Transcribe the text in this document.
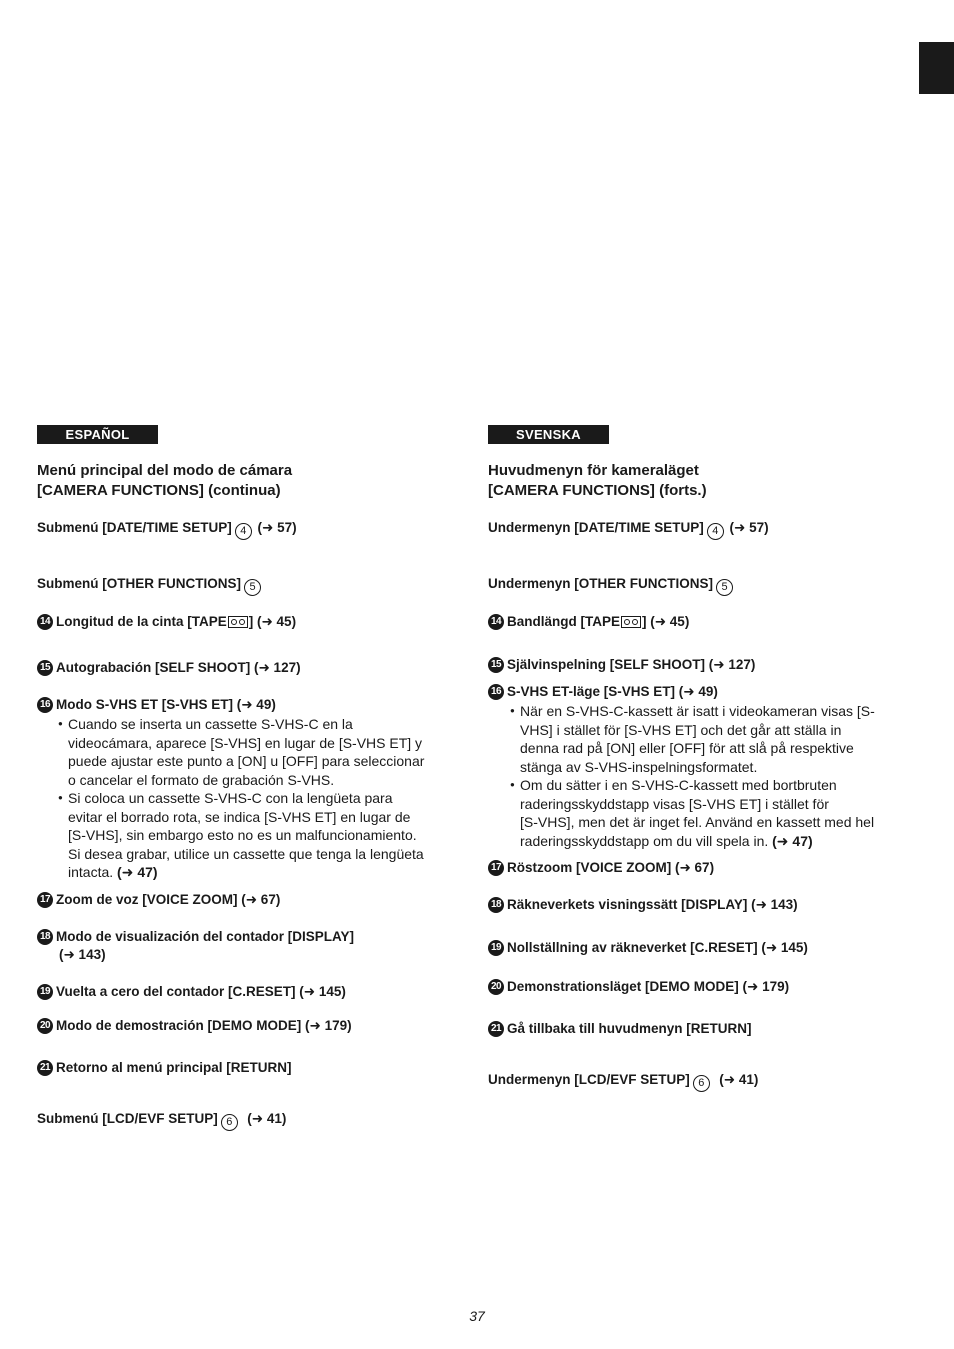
ESPAÑOL
Menú principal del modo de cámara
[CAMERA FUNCTIONS] (continua)
Submenú [DATE/TIME SETUP] 4 (➜ 57)
Submenú [OTHER FUNCTIONS] 5
14 Longitud de la cinta [TAPE ] (➜ 45)
15 Autograbación [SELF SHOOT] (➜ 127)
16 Modo S-VHS ET [S-VHS ET] (➜ 49)
● Cuando se inserta un cassette S-VHS-C en la
videocámara, aparece [S-VHS] en lugar de [S-VHS ET] y
puede ajustar este punto a [ON] u [OFF] para seleccionar
o cancelar el formato de grabación S-VHS.
● Si coloca un cassette S-VHS-C con la lengüeta para
evitar el borrado rota, se indica [S-VHS ET] en lugar de
[S-VHS], sin embargo esto no es un malfuncionamiento.
Si desea grabar, utilice un cassette que tenga la lengüeta
intacta. (➜ 47)
17 Zoom de voz [VOICE ZOOM] (➜ 67)
18 Modo de visualización del contador [DISPLAY]
(➜ 143)
19 Vuelta a cero del contador [C.RESET] (➜ 145)
20 Modo de demostración [DEMO MODE] (➜ 179)
21 Retorno al menú principal [RETURN]
Submenú [LCD/EVF SETUP] 6 (➜ 41)
SVENSKA
Huvudmenyn för kameraläget
[CAMERA FUNCTIONS] (forts.)
Undermenyn [DATE/TIME SETUP] 4 (➜ 57)
Undermenyn [OTHER FUNCTIONS] 5
14 Bandlängd [TAPE ] (➜ 45)
15 Självinspelning [SELF SHOOT] (➜ 127)
16 S-VHS ET-läge [S-VHS ET] (➜ 49)
● När en S-VHS-C-kassett är isatt i videokameran visas [S-
VHS] i stället för [S-VHS ET] och det går att ställa in
denna rad på [ON] eller [OFF] för att slå på respektive
stänga av S-VHS-inspelningsformatet.
● Om du sätter i en S-VHS-C-kassett med bortbruten
raderingsskyddstapp visas [S-VHS ET] i stället för
[S-VHS], men det är inget fel. Använd en kassett med hel
raderingsskyddstapp om du vill spela in. (➜ 47)
17 Röstzoom [VOICE ZOOM] (➜ 67)
18 Räkneverkets visningssätt [DISPLAY] (➜ 143)
19 Nollställning av räkneverket [C.RESET] (➜ 145)
20 Demonstrationsläget [DEMO MODE] (➜ 179)
21 Gå tillbaka till huvudmenyn [RETURN]
Undermenyn [LCD/EVF SETUP] 6 (➜ 41)
37
